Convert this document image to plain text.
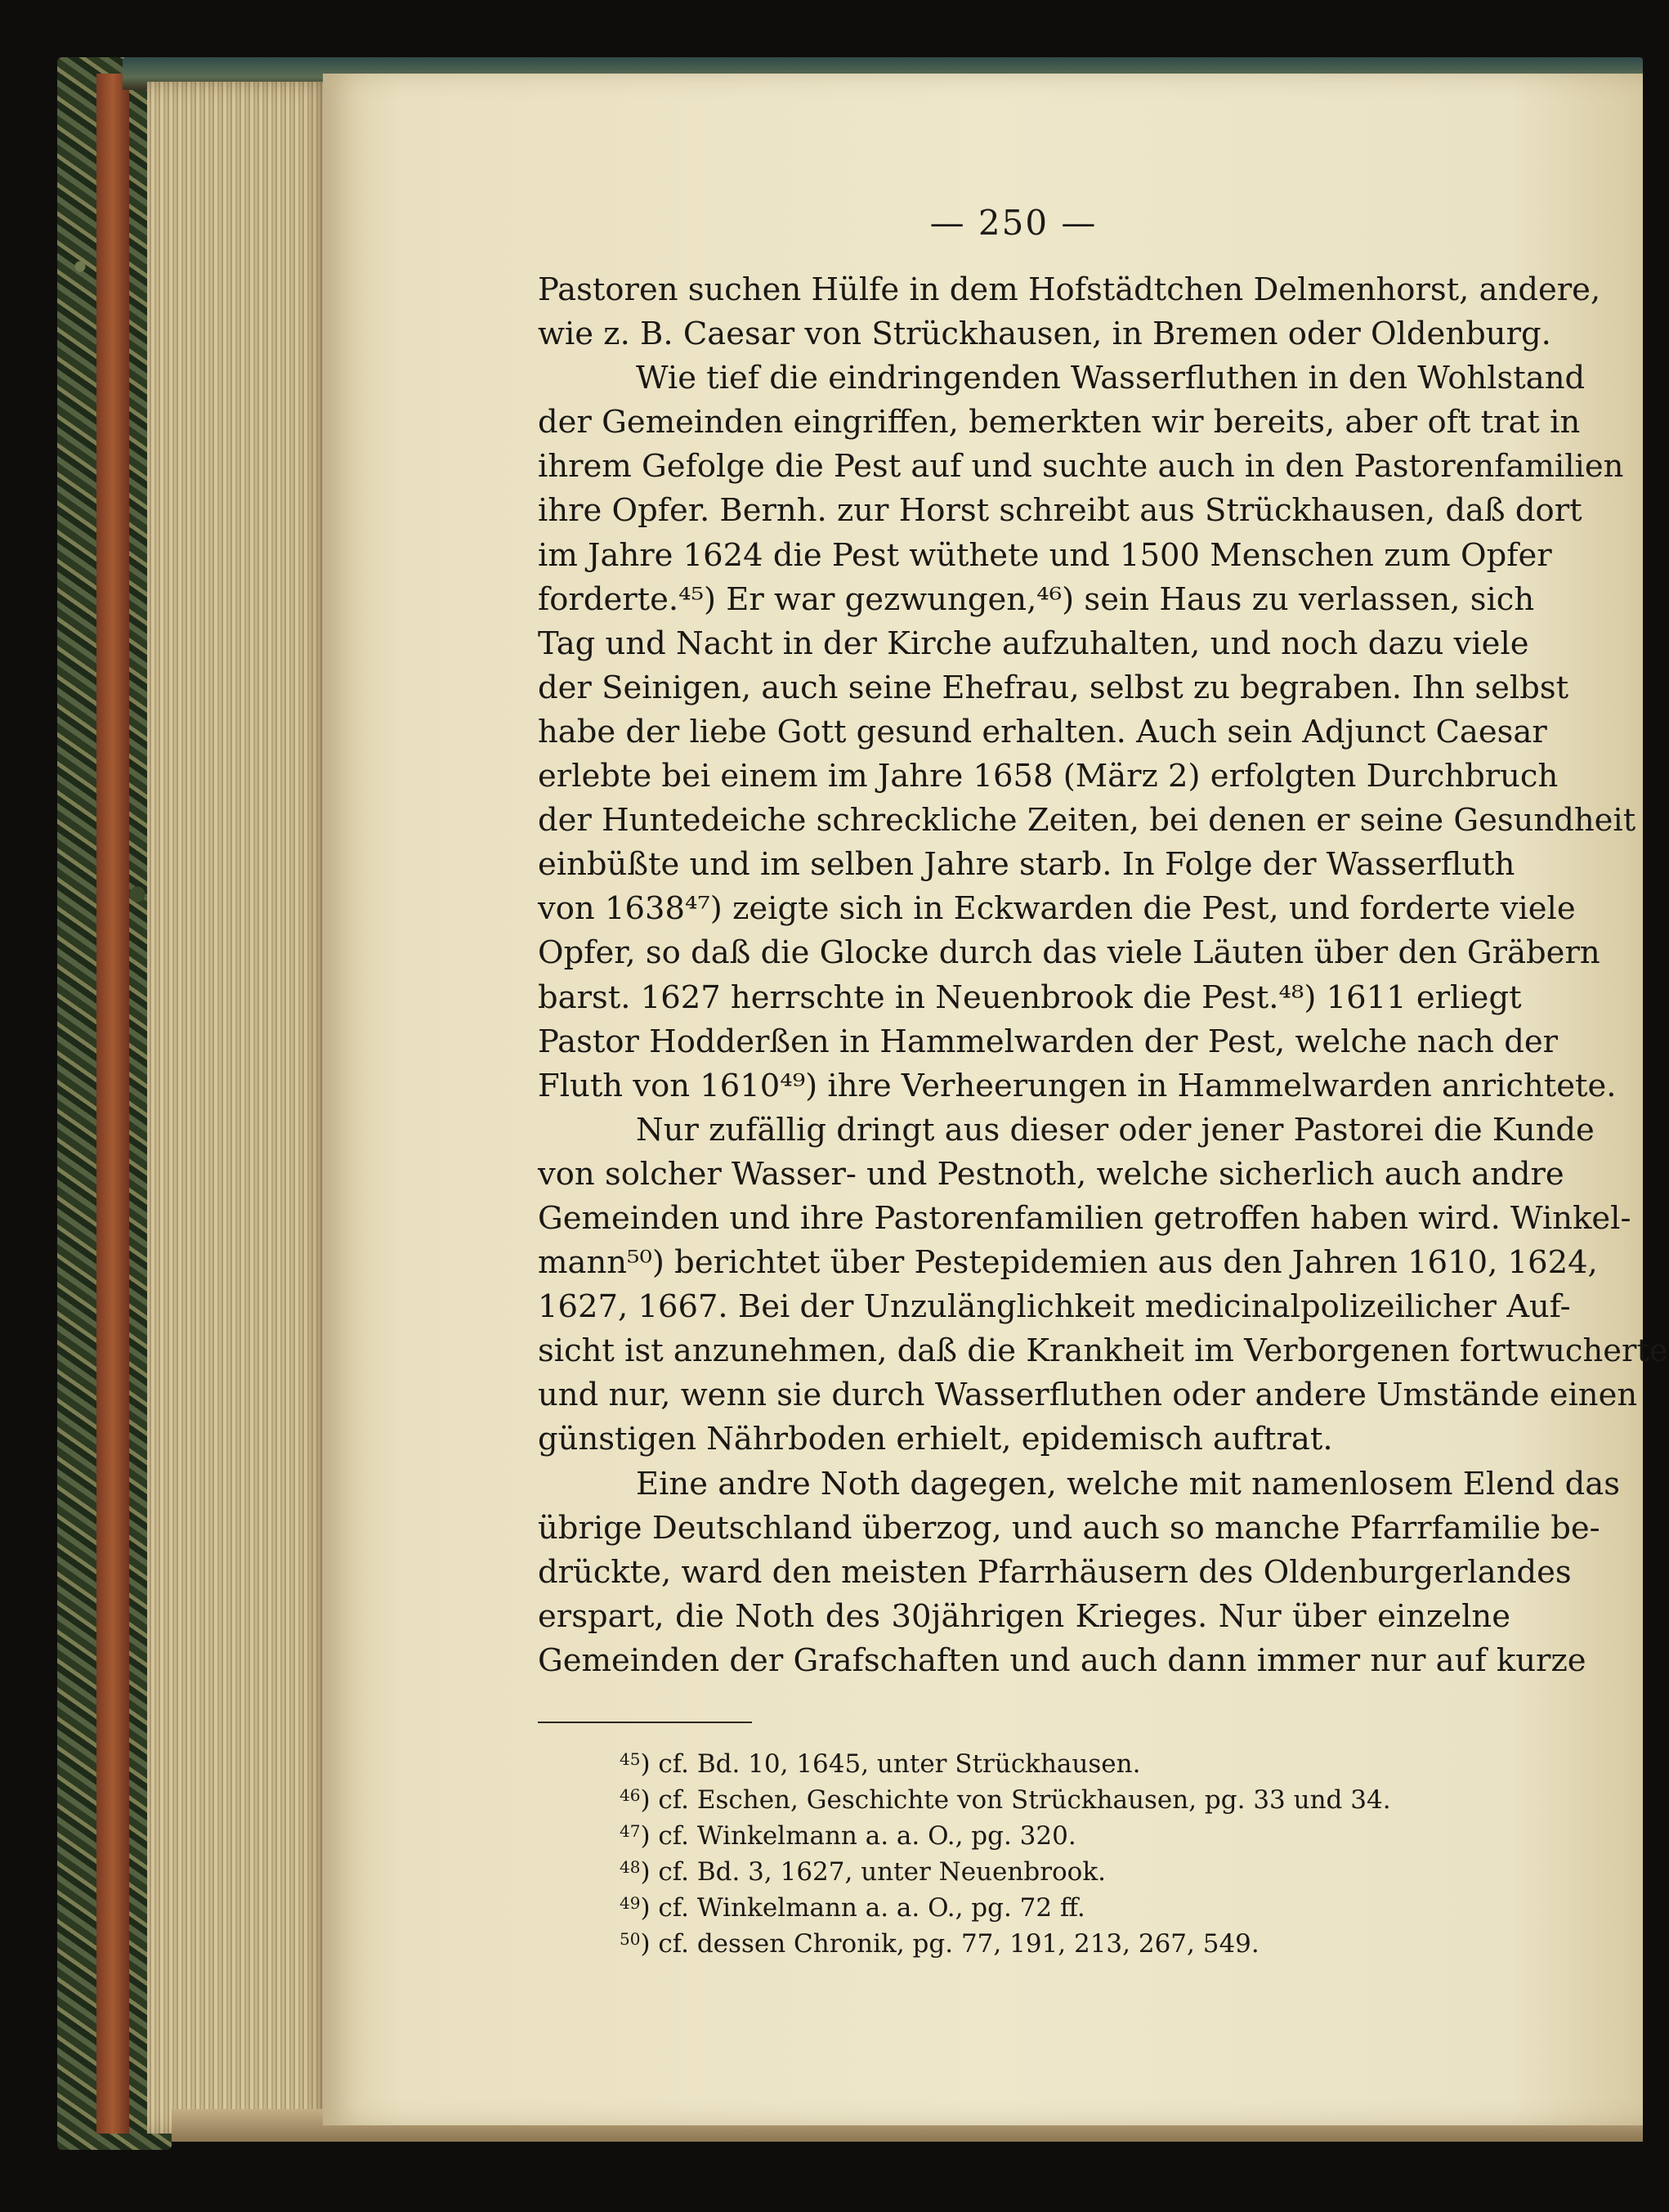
— 250 —
Pastoren suchen Hülfe in dem Hofstädtchen Delmenhorst, andere,
wie z. B. Caesar von Strückhausen, in Bremen oder Oldenburg.
Wie tief die eindringenden Wasserfluthen in den Wohlstand
der Gemeinden eingriffen, bemerkten wir bereits, aber oft trat in
ihrem Gefolge die Pest auf und suchte auch in den Pastorenfamilien
ihre Opfer. Bernh. zur Horst schreibt aus Strückhausen, daß dort
im Jahre 1624 die Pest wüthete und 1500 Menschen zum Opfer
forderte.⁴⁵) Er war gezwungen,⁴⁶) sein Haus zu verlassen, sich
Tag und Nacht in der Kirche aufzuhalten, und noch dazu viele
der Seinigen, auch seine Ehefrau, selbst zu begraben. Ihn selbst
habe der liebe Gott gesund erhalten. Auch sein Adjunct Caesar
erlebte bei einem im Jahre 1658 (März 2) erfolgten Durchbruch
der Huntedeiche schreckliche Zeiten, bei denen er seine Gesundheit
einbüßte und im selben Jahre starb. In Folge der Wasserfluth
von 1638⁴⁷) zeigte sich in Eckwarden die Pest, und forderte viele
Opfer, so daß die Glocke durch das viele Läuten über den Gräbern
barst. 1627 herrschte in Neuenbrook die Pest.⁴⁸) 1611 erliegt
Pastor Hodderßen in Hammelwarden der Pest, welche nach der
Fluth von 1610⁴⁹) ihre Verheerungen in Hammelwarden anrichtete.
Nur zufällig dringt aus dieser oder jener Pastorei die Kunde
von solcher Wasser- und Pestnoth, welche sicherlich auch andre
Gemeinden und ihre Pastorenfamilien getroffen haben wird. Winkel-
mann⁵⁰) berichtet über Pestepidemien aus den Jahren 1610, 1624,
1627, 1667. Bei der Unzulänglichkeit medicinalpolizeilicher Auf-
sicht ist anzunehmen, daß die Krankheit im Verborgenen fortwucherte
und nur, wenn sie durch Wasserfluthen oder andere Umstände einen
günstigen Nährboden erhielt, epidemisch auftrat.
Eine andre Noth dagegen, welche mit namenlosem Elend das
übrige Deutschland überzog, und auch so manche Pfarrfamilie be-
drückte, ward den meisten Pfarrhäusern des Oldenburgerlandes
erspart, die Noth des 30jährigen Krieges. Nur über einzelne
Gemeinden der Grafschaften und auch dann immer nur auf kurze
$^{45}$) cf. Bd. 10, 1645, unter Strückhausen.
$^{46}$) cf. Eschen, Geschichte von Strückhausen, pg. 33 und 34.
$^{47}$) cf. Winkelmann a. a. O., pg. 320.
$^{48}$) cf. Bd. 3, 1627, unter Neuenbrook.
$^{49}$) cf. Winkelmann a. a. O., pg. 72 ff.
$^{50}$) cf. dessen Chronik, pg. 77, 191, 213, 267, 549.
